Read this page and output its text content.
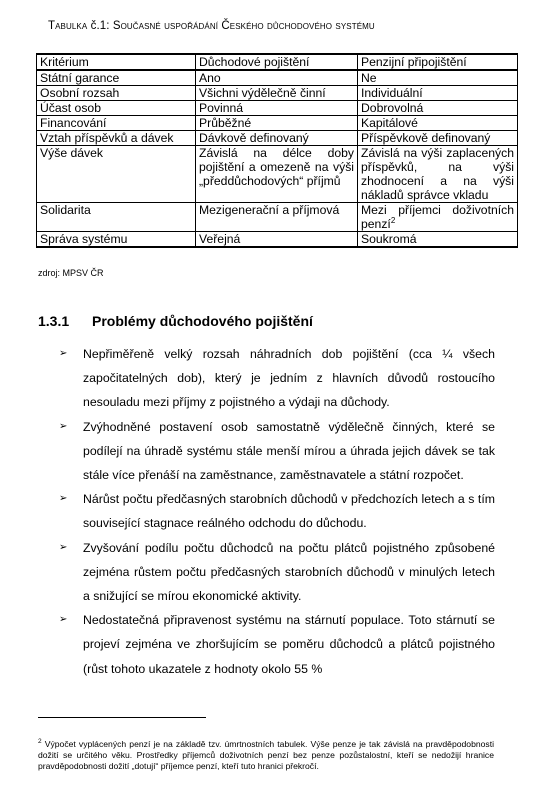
Tabulka č.1: Současné uspořádání Českého důchodového systému
Kritérium	Důchodové pojištění	Penzijní připojištění
Státní garance	Ano	Ne
Osobní rozsah	Všichni výdělečně činní	Individuální
Účast osob	Povinná	Dobrovolná
Financování	Průběžné	Kapitálové
Vztah příspěvků a dávek	Dávkově definovaný	Příspěvkově definovaný
Výše dávek	Závislá na délce doby pojištění a omezeně na výši „předdůchodových“ příjmů	Závislá na výši zaplacených příspěvků, na výši zhodnocení a na výši nákladů správce vkladu
Solidarita	Mezigenerační a příjmová	Mezi příjemci doživotních penzí$^2$
Správa systému	Veřejná	Soukromá
zdroj: MPSV ČR
1.3.1 Problémy důchodového pojištění
➢ Nepřiměřeně velký rozsah náhradních dob pojištění (cca ¼ všech započitatelných dob), který je jedním z hlavních důvodů rostoucího nesouladu mezi příjmy z pojistného a výdaji na důchody.
➢ Zvýhodněné postavení osob samostatně výdělečně činných, které se podílejí na úhradě systému stále menší mírou a úhrada jejich dávek se tak stále více přenáší na zaměstnance, zaměstnavatele a státní rozpočet.
➢ Nárůst počtu předčasných starobních důchodů v předchozích letech a s tím související stagnace reálného odchodu do důchodu.
➢ Zvyšování podílu počtu důchodců na počtu plátců pojistného způsobené zejména růstem počtu předčasných starobních důchodů v minulých letech a snižující se mírou ekonomické aktivity.
➢ Nedostatečná připravenost systému na stárnutí populace. Toto stárnutí se projeví zejména ve zhoršujícím se poměru důchodců a plátců pojistného (růst tohoto ukazatele z hodnoty okolo 55 %
$^2$ Výpočet vyplácených penzí je na základě tzv. úmrtnostních tabulek. Výše penze je tak závislá na pravděpodobnosti dožití se určitého věku. Prostředky příjemců doživotních penzí bez penze pozůstalostní, kteří se nedožijí hranice pravděpodobnosti dožití „dotují“ příjemce penzí, kteří tuto hranici překročí.
